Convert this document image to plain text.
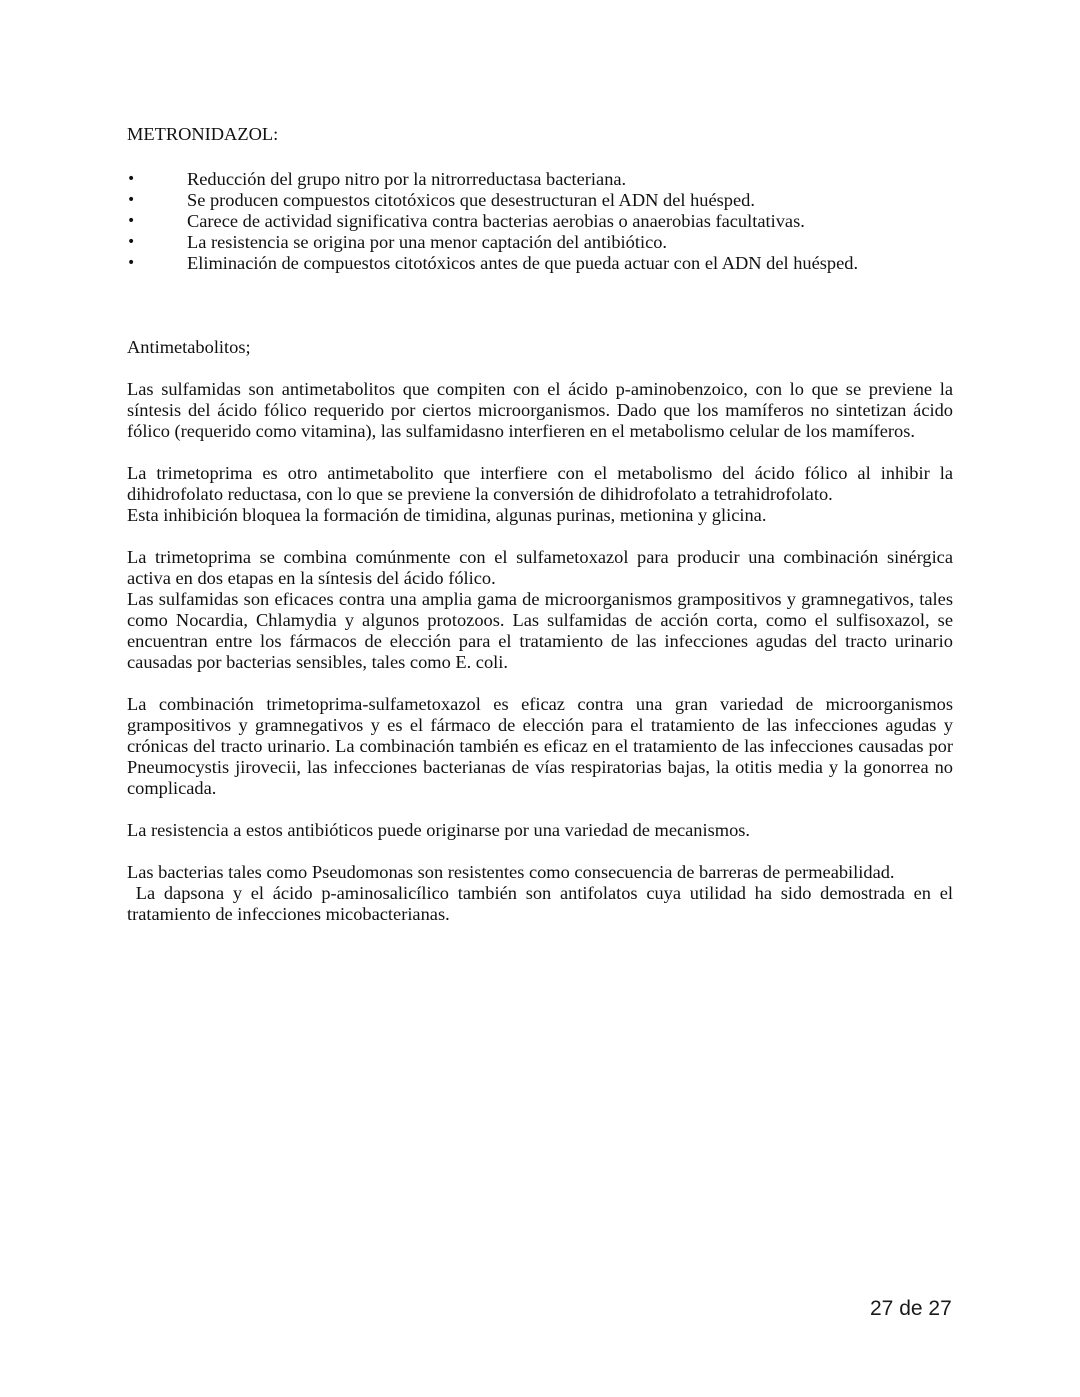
METRONIDAZOL:
•	Reducción del grupo nitro por la nitrorreductasa bacteriana.
•	Se producen compuestos citotóxicos que desestructuran el ADN del huésped.
•	Carece de actividad significativa contra bacterias aerobias o anaerobias facultativas.
•	La resistencia se origina por una menor captación del antibiótico.
•	Eliminación de compuestos citotóxicos antes de que pueda actuar con el ADN del huésped.
Antimetabolitos;

Las sulfamidas son antimetabolitos que compiten con el ácido p-aminobenzoico, con lo que se previene la síntesis del ácido fólico requerido por ciertos microorganismos. Dado que los mamíferos no sintetizan ácido fólico (requerido como vitamina), las sulfamidasno interfieren en el metabolismo celular de los mamíferos.

La trimetoprima es otro antimetabolito que interfiere con el metabolismo del ácido fólico al inhibir la dihidrofolato reductasa, con lo que se previene la conversión de dihidrofolato a tetrahidrofolato.

Esta inhibición bloquea la formación de timidina, algunas purinas, metionina y glicina.

La trimetoprima se combina comúnmente con el sulfametoxazol para producir una combinación sinérgica activa en dos etapas en la síntesis del ácido fólico.

Las sulfamidas son eficaces contra una amplia gama de microorganismos grampositivos y gramnegativos, tales como Nocardia, Chlamydia y algunos protozoos. Las sulfamidas de acción corta, como el sulfisoxazol, se encuentran entre los fármacos de elección para el tratamiento de las infecciones agudas del tracto urinario causadas por bacterias sensibles, tales como E. coli.

La combinación trimetoprima-sulfametoxazol es eficaz contra una gran variedad de microorganismos grampositivos y gramnegativos y es el fármaco de elección para el tratamiento de las infecciones agudas y crónicas del tracto urinario. La combinación también es eficaz en el tratamiento de las infecciones causadas por Pneumocystis jirovecii, las infecciones bacterianas de vías respiratorias bajas, la otitis media y la gonorrea no complicada.

La resistencia a estos antibióticos puede originarse por una variedad de mecanismos.

Las bacterias tales como Pseudomonas son resistentes como consecuencia de barreras de permeabilidad.

La dapsona y el ácido p-aminosalicílico también son antifolatos cuya utilidad ha sido demostrada en el tratamiento de infecciones micobacterianas.

27 de 27
